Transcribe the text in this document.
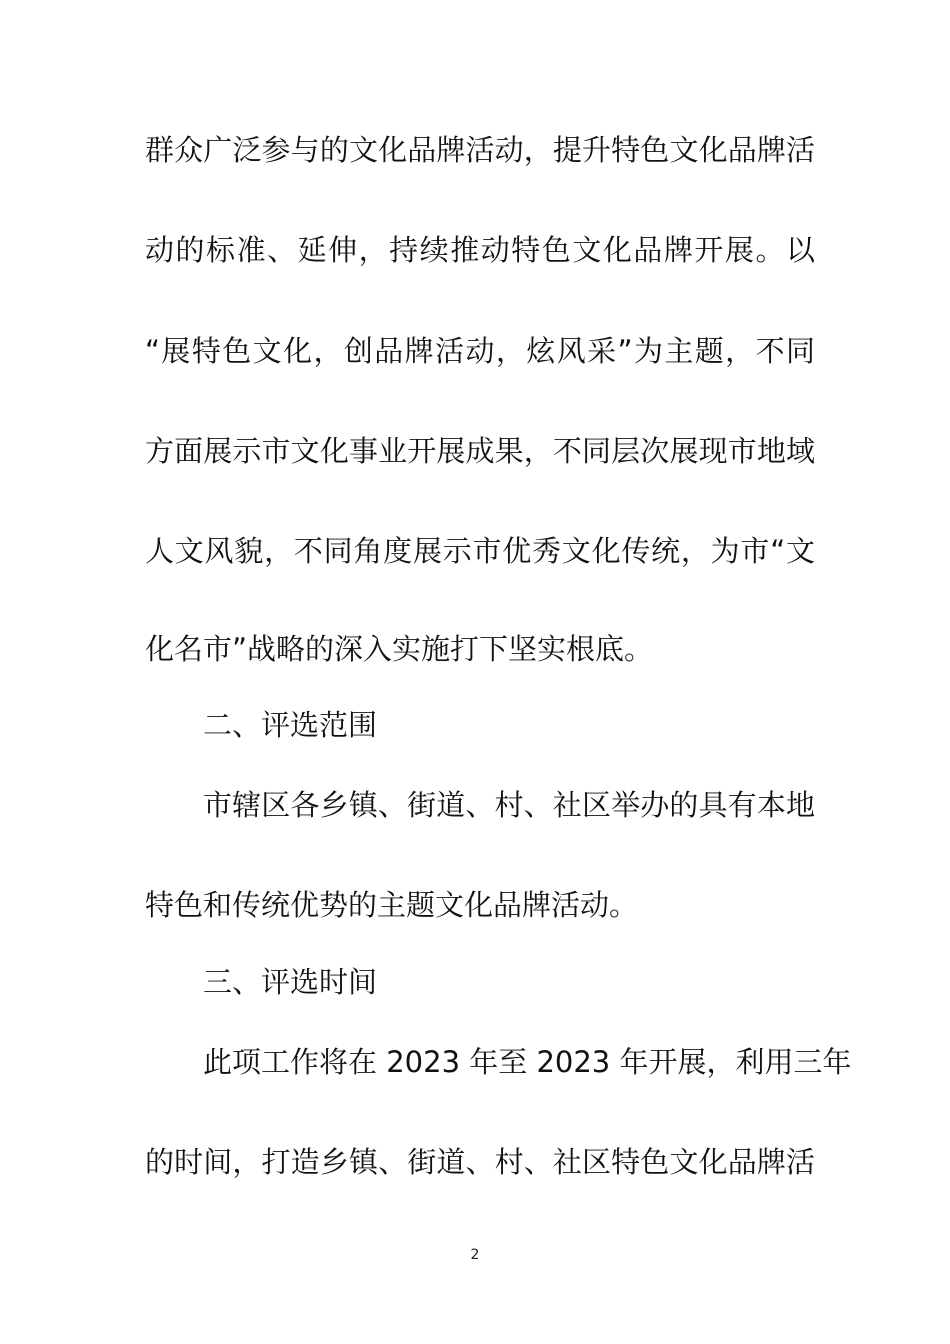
群众广泛参与的文化品牌活动，提升特色文化品牌活
动的标准、延伸，持续推动特色文化品牌开展。以
“展特色文化，创品牌活动，炫风采”为主题，不同
方面展示市文化事业开展成果，不同层次展现市地域
人文风貌，不同角度展示市优秀文化传统，为市“文
化名市”战略的深入实施打下坚实根底。
二、评选范围
市辖区各乡镇、街道、村、社区举办的具有本地
特色和传统优势的主题文化品牌活动。
三、评选时间
此项工作将在 2023 年至 2023 年开展，利用三年
的时间，打造乡镇、街道、村、社区特色文化品牌活
2
